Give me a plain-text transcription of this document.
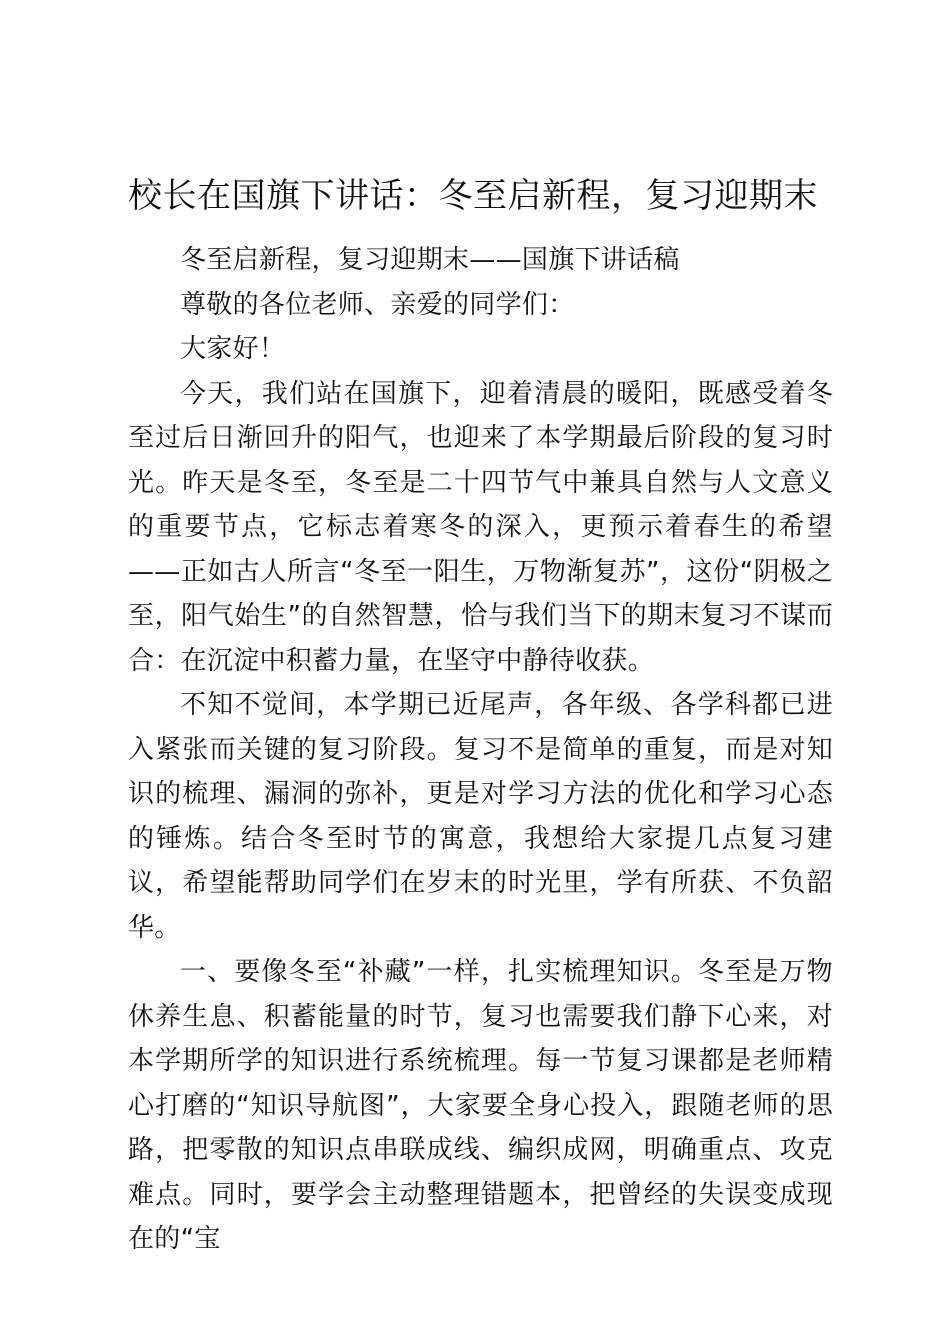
校长在国旗下讲话：冬至启新程，复习迎期末

冬至启新程，复习迎期末——国旗下讲话稿

尊敬的各位老师、亲爱的同学们：

大家好！

今天，我们站在国旗下，迎着清晨的暖阳，既感受着冬至过后日渐回升的阳气，也迎来了本学期最后阶段的复习时光。昨天是冬至，冬至是二十四节气中兼具自然与人文意义的重要节点，它标志着寒冬的深入，更预示着春生的希望——正如古人所言“冬至一阳生，万物渐复苏”，这份“阴极之至，阳气始生”的自然智慧，恰与我们当下的期末复习不谋而合：在沉淀中积蓄力量，在坚守中静待收获。

不知不觉间，本学期已近尾声，各年级、各学科都已进入紧张而关键的复习阶段。复习不是简单的重复，而是对知识的梳理、漏洞的弥补，更是对学习方法的优化和学习心态的锤炼。结合冬至时节的寓意，我想给大家提几点复习建议，希望能帮助同学们在岁末的时光里，学有所获、不负韶华。

一、要像冬至“补藏”一样，扎实梳理知识。冬至是万物休养生息、积蓄能量的时节，复习也需要我们静下心来，对本学期所学的知识进行系统梳理。每一节复习课都是老师精心打磨的“知识导航图”，大家要全身心投入，跟随老师的思路，把零散的知识点串联成线、编织成网，明确重点、攻克难点。同时，要学会主动整理错题本，把曾经的失误变成现在的“宝
